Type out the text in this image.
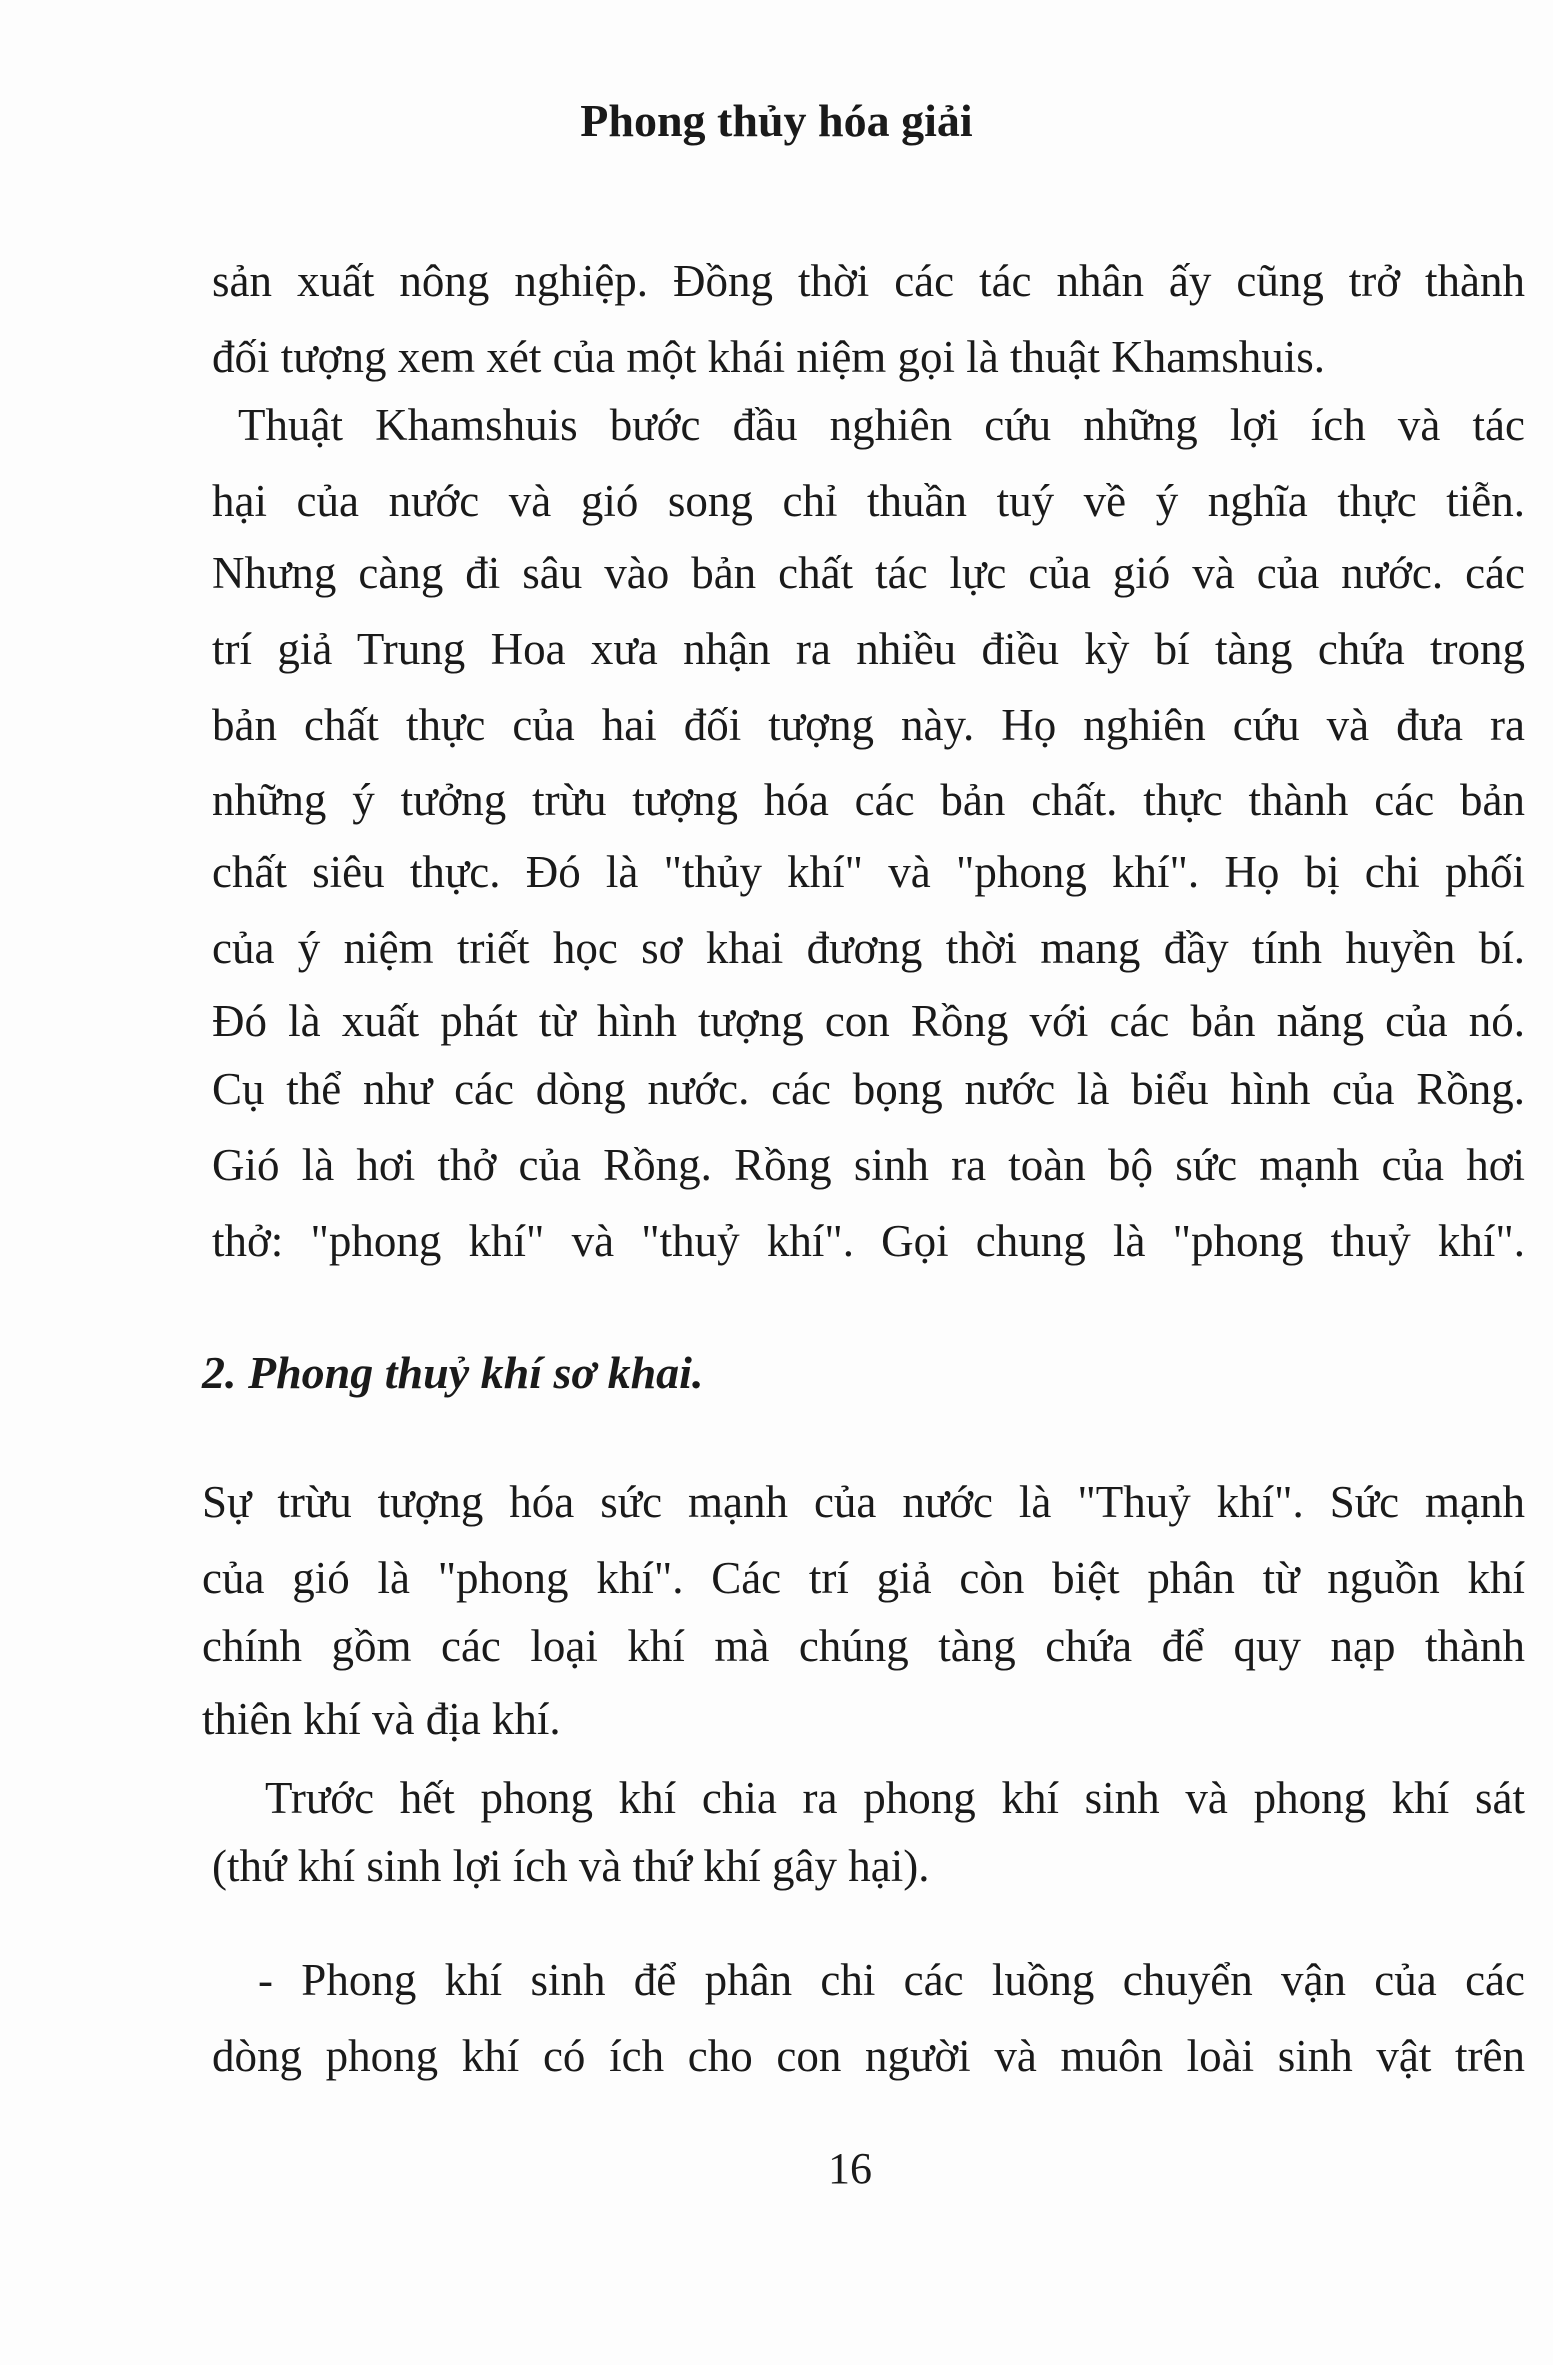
Phong thủy hóa giải
sản xuất nông nghiệp. Đồng thời các tác nhân ấy cũng trở thành
đối tượng xem xét của một khái niệm gọi là thuật Khamshuis.
Thuật Khamshuis bước đầu nghiên cứu những lợi ích và tác
hại của nước và gió song chỉ thuần tuý về ý nghĩa thực tiễn.
Nhưng càng đi sâu vào bản chất tác lực của gió và của nước. các
trí giả Trung Hoa xưa nhận ra nhiều điều kỳ bí tàng chứa trong
bản chất thực của hai đối tượng này. Họ nghiên cứu và đưa ra
những ý tưởng trừu tượng hóa các bản chất. thực thành các bản
chất siêu thực. Đó là "thủy khí" và "phong khí". Họ bị chi phối
của ý niệm triết học sơ khai đương thời mang đầy tính huyền bí.
Đó là xuất phát từ hình tượng con Rồng với các bản năng của nó.
Cụ thể như các dòng nước. các bọng nước là biểu hình của Rồng.
Gió là hơi thở của Rồng. Rồng sinh ra toàn bộ sức mạnh của hơi
thở: "phong khí" và "thuỷ khí". Gọi chung là "phong thuỷ khí".
2. Phong thuỷ khí sơ khai.
Sự trừu tượng hóa sức mạnh của nước là "Thuỷ khí". Sức mạnh
của gió là "phong khí". Các trí giả còn biệt phân từ nguồn khí
chính gồm các loại khí mà chúng tàng chứa để quy nạp thành
thiên khí và địa khí.
Trước hết phong khí chia ra phong khí sinh và phong khí sát
(thứ khí sinh lợi ích và thứ khí gây hại).
- Phong khí sinh để phân chi các luồng chuyển vận của các
dòng phong khí có ích cho con người và muôn loài sinh vật trên
16
